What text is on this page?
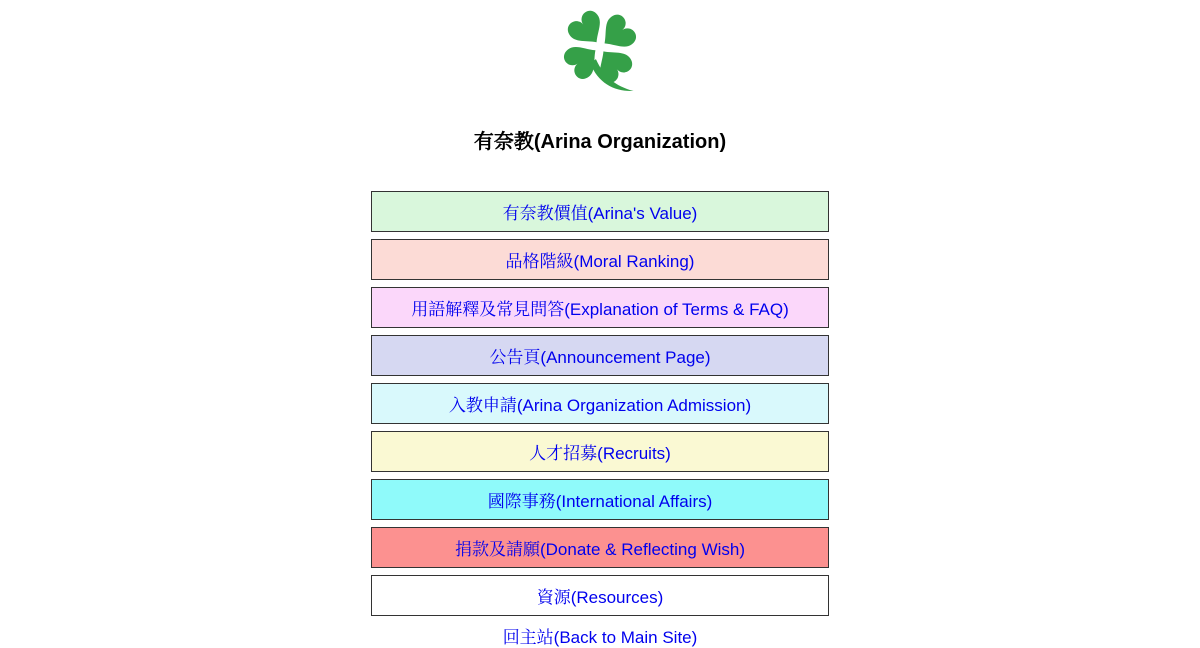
有奈教(Arina Organization)
有奈教價值(Arina's Value)
品格階級(Moral Ranking)
用語解釋及常見問答(Explanation of Terms & FAQ)
公告頁(Announcement Page)
入教申請(Arina Organization Admission)
人才招募(Recruits)
國際事務(International Affairs)
捐款及請願(Donate & Reflecting Wish)
資源(Resources)
回主站(Back to Main Site)
